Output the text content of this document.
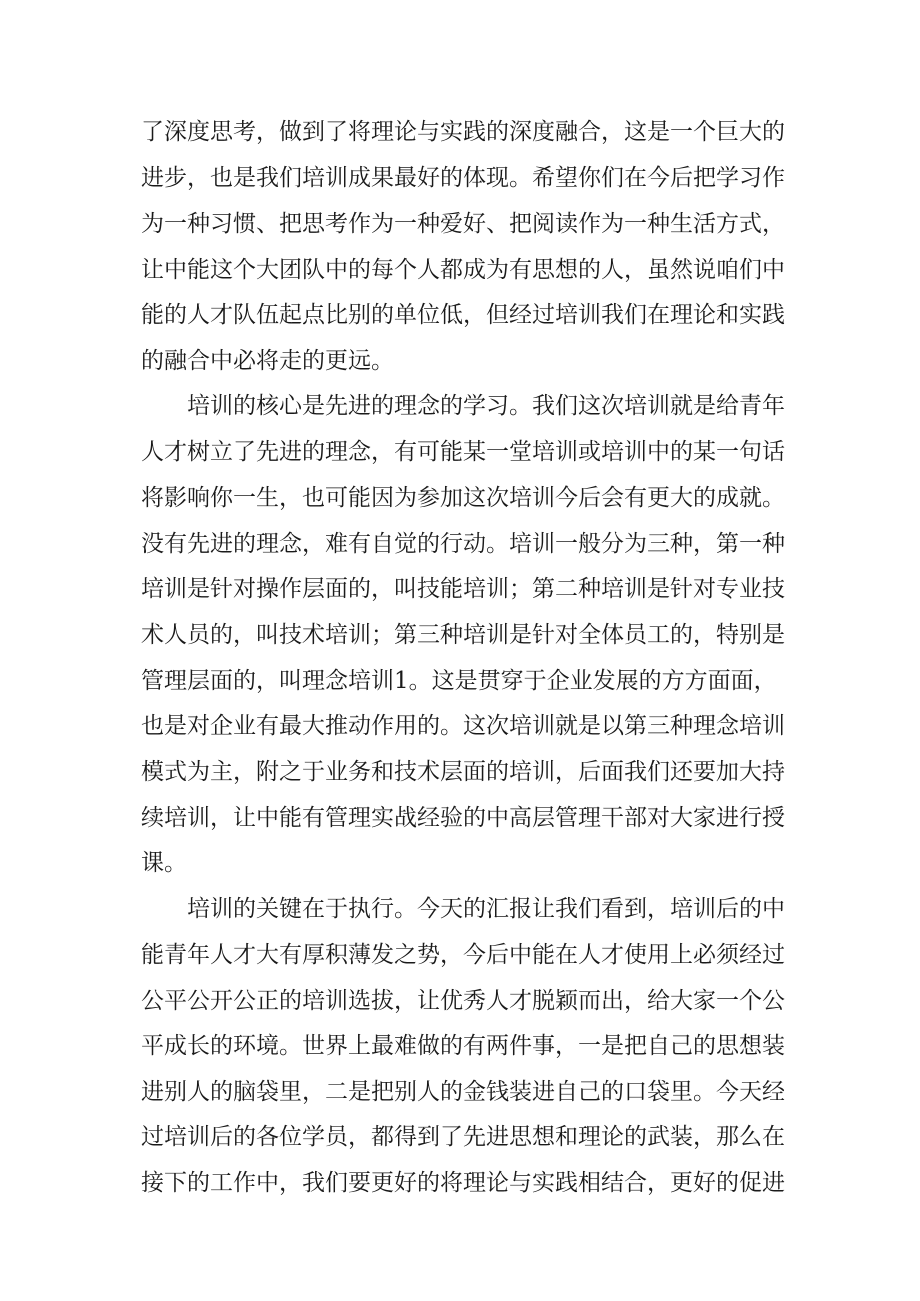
了深度思考，做到了将理论与实践的深度融合，这是一个巨大的
进步，也是我们培训成果最好的体现。希望你们在今后把学习作
为一种习惯、把思考作为一种爱好、把阅读作为一种生活方式，
让中能这个大团队中的每个人都成为有思想的人，虽然说咱们中
能的人才队伍起点比别的单位低，但经过培训我们在理论和实践
的融合中必将走的更远。
培训的核心是先进的理念的学习。我们这次培训就是给青年
人才树立了先进的理念，有可能某一堂培训或培训中的某一句话
将影响你一生，也可能因为参加这次培训今后会有更大的成就。
没有先进的理念，难有自觉的行动。培训一般分为三种，第一种
培训是针对操作层面的，叫技能培训；第二种培训是针对专业技
术人员的，叫技术培训；第三种培训是针对全体员工的，特别是
管理层面的，叫理念培训1。这是贯穿于企业发展的方方面面，
也是对企业有最大推动作用的。这次培训就是以第三种理念培训
模式为主，附之于业务和技术层面的培训，后面我们还要加大持
续培训，让中能有管理实战经验的中高层管理干部对大家进行授
课。
培训的关键在于执行。今天的汇报让我们看到，培训后的中
能青年人才大有厚积薄发之势，今后中能在人才使用上必须经过
公平公开公正的培训选拔，让优秀人才脱颖而出，给大家一个公
平成长的环境。世界上最难做的有两件事，一是把自己的思想装
进别人的脑袋里，二是把别人的金钱装进自己的口袋里。今天经
过培训后的各位学员，都得到了先进思想和理论的武装，那么在
接下的工作中，我们要更好的将理论与实践相结合，更好的促进
